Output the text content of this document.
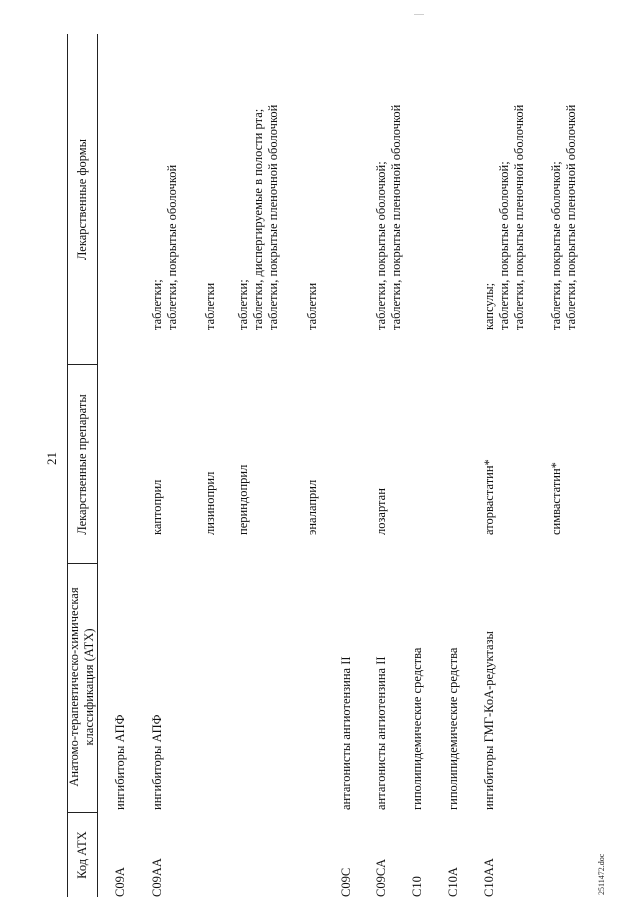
21
Код АТХ
Анатомо-терапевтическо-химическая классификация (АТХ)
Лекарственные препараты
Лекарственные формы
C09A
ингибиторы АПФ
C09AA
ингибиторы АПФ
каптоприл
таблетки; таблетки, покрытые оболочкой
лизиноприл
таблетки
периндоприл
таблетки; таблетки, диспергируемые в полости рта; таблетки, покрытые пленочной оболочкой
эналаприл
таблетки
C09C
антагонисты ангиотензина II
C09CA
антагонисты ангиотензина II
лозартан
таблетки, покрытые оболочкой; таблетки, покрытые пленочной оболочкой
C10
гиполипидемические средства
C10A
гиполипидемические средства
C10AA
ингибиторы ГМГ-КоА-редуктазы
аторвастатин*
капсулы; таблетки, покрытые оболочкой; таблетки, покрытые пленочной оболочкой
симвастатин*
таблетки, покрытые оболочкой; таблетки, покрытые пленочной оболочкой
2511472.doc
